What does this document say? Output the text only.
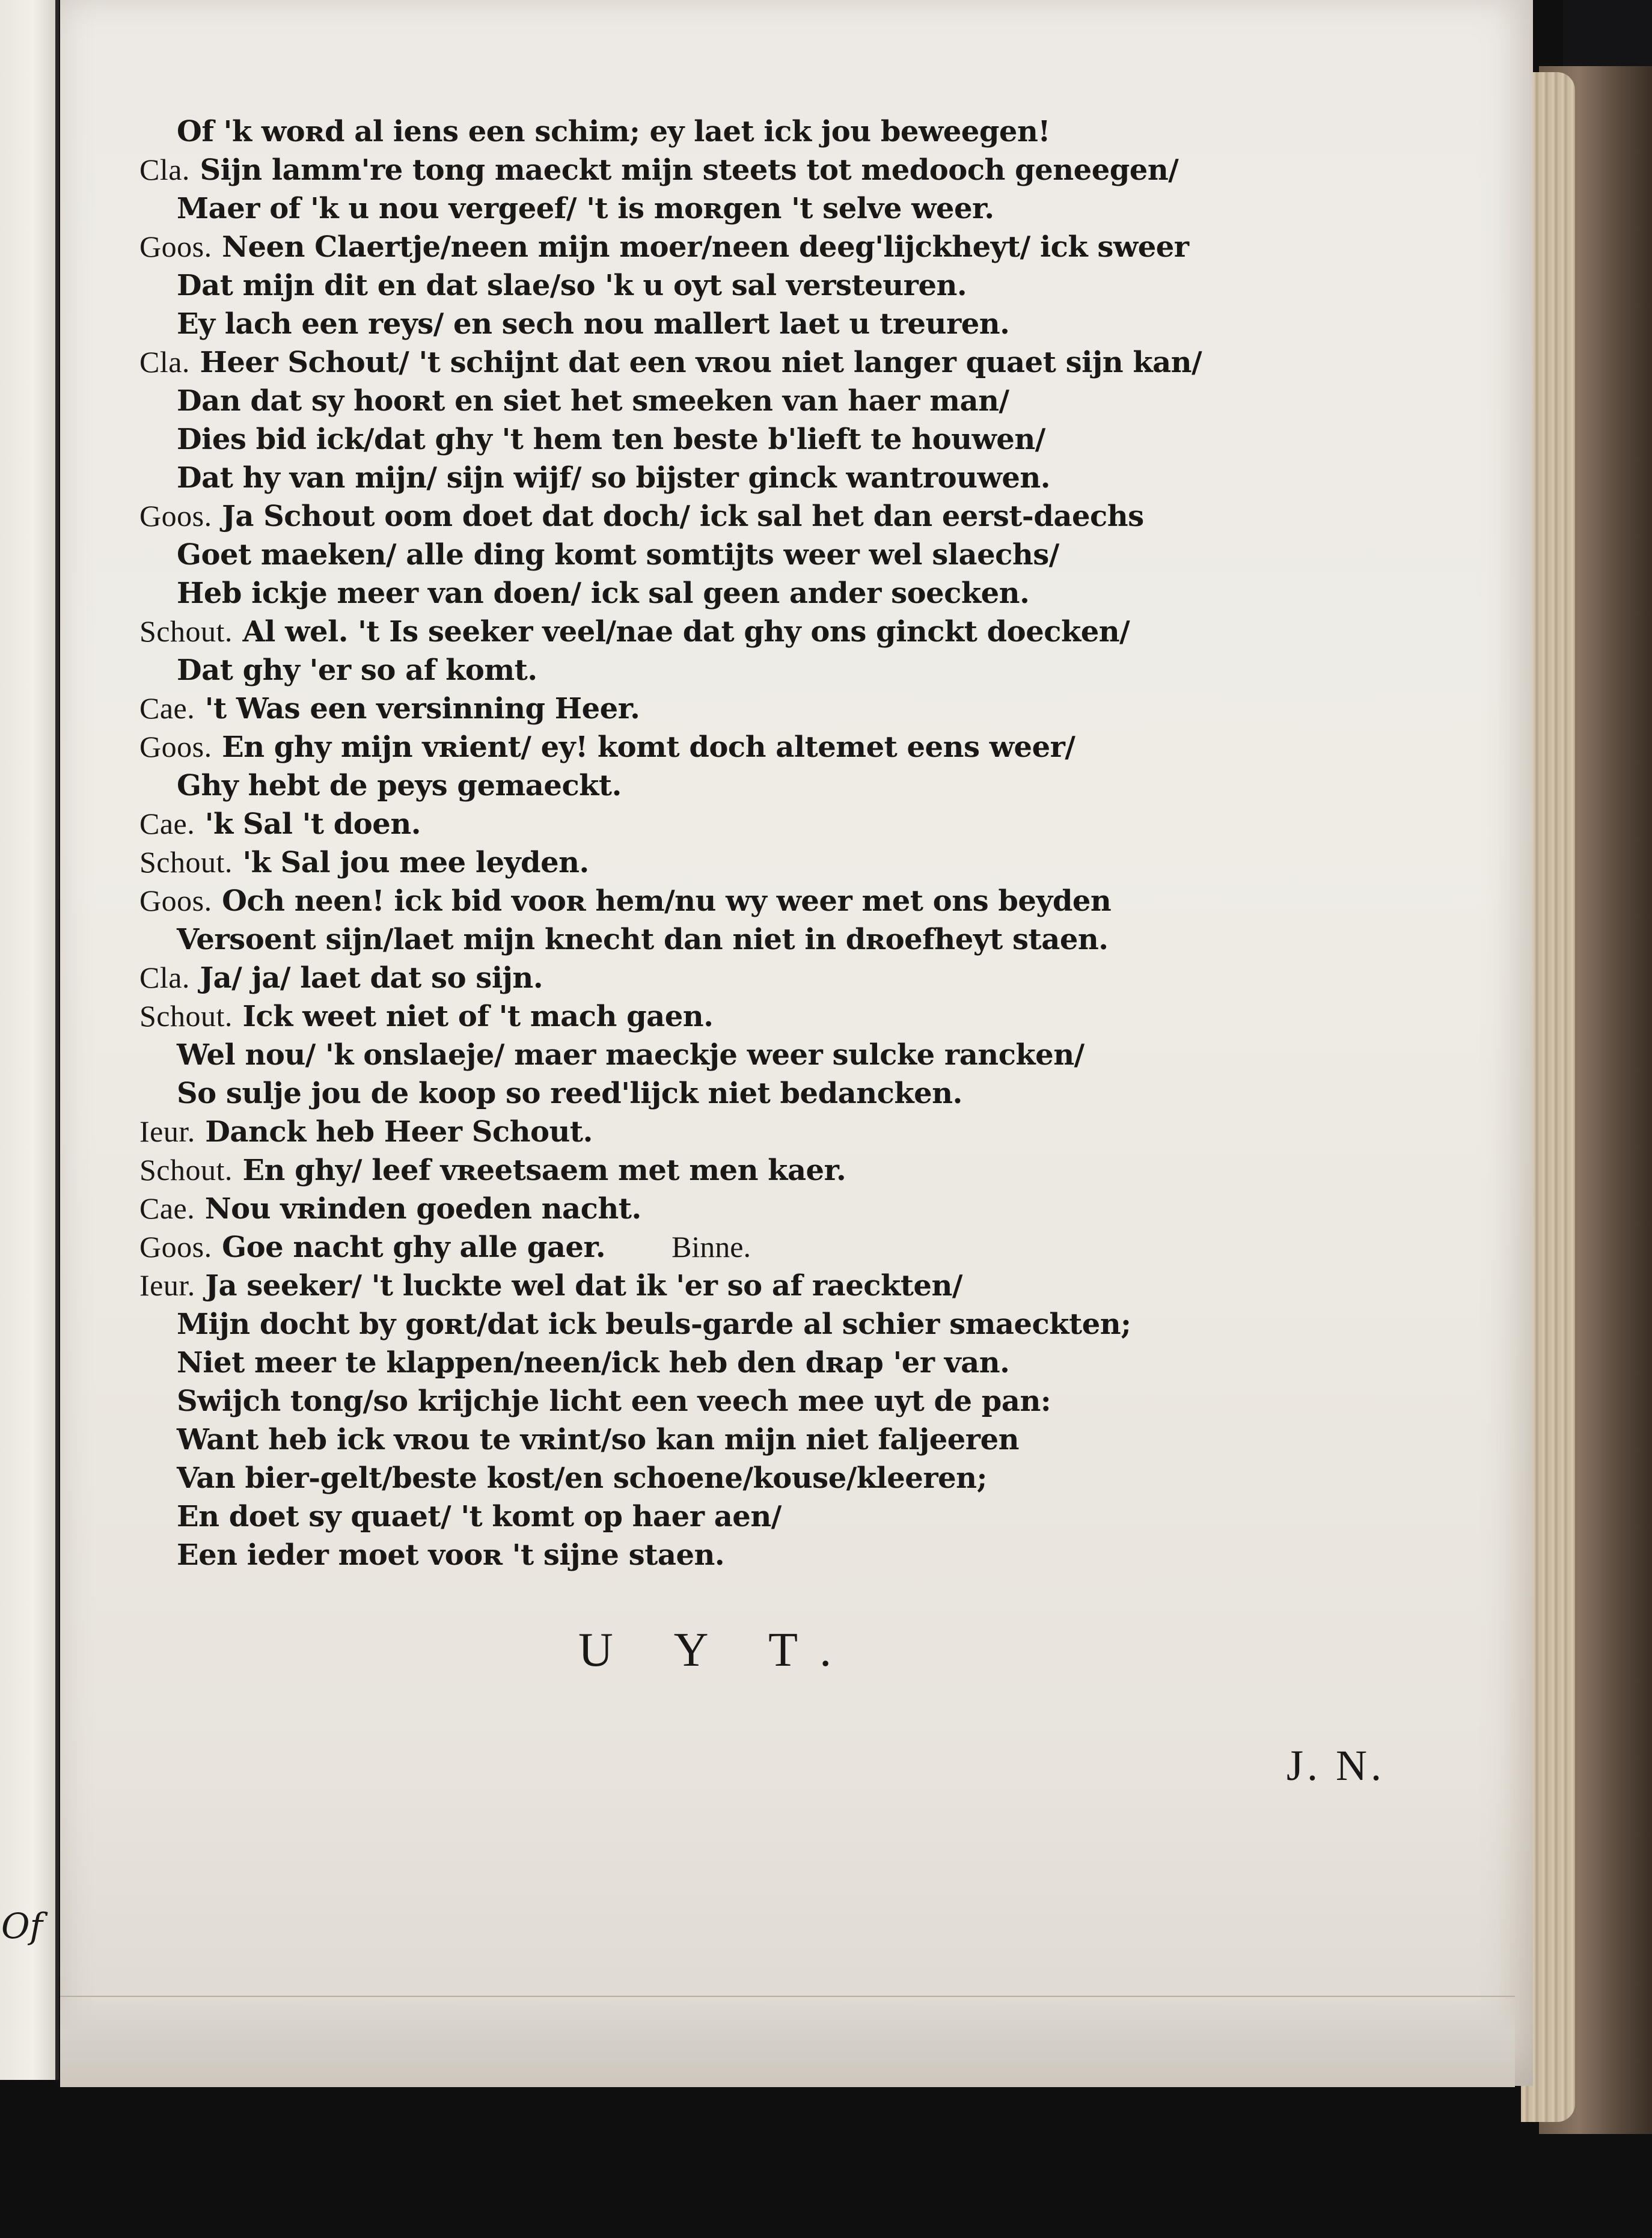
Of
Of 'k woʀd al iens een schim; ey laet ick jou beweegen!
Cla. Sijn lamm're tong maeckt mijn steets tot medooch geneegen/
Maer of 'k u nou vergeef/ 't is moʀgen 't selve weer.
Goos. Neen Claertje/neen mijn moer/neen deeg'lijckheyt/ ick sweer
Dat mijn dit en dat slae/so 'k u oyt sal versteuren.
Ey lach een reys/ en sech nou mallert laet u treuren.
Cla. Heer Schout/ 't schijnt dat een vʀou niet langer quaet sijn kan/
Dan dat sy hooʀt en siet het smeeken van haer man/
Dies bid ick/dat ghy 't hem ten beste b'lieft te houwen/
Dat hy van mijn/ sijn wijf/ so bijster ginck wantrouwen.
Goos. Ja Schout oom doet dat doch/ ick sal het dan eerst-daechs
Goet maeken/ alle ding komt somtijts weer wel slaechs/
Heb ickje meer van doen/ ick sal geen ander soecken.
Schout. Al wel. 't Is seeker veel/nae dat ghy ons ginckt doecken/
Dat ghy 'er so af komt.
Cae. 't Was een versinning Heer.
Goos. En ghy mijn vʀient/ ey! komt doch altemet eens weer/
Ghy hebt de peys gemaeckt.
Cae. 'k Sal 't doen.
Schout. 'k Sal jou mee leyden.
Goos. Och neen! ick bid vooʀ hem/nu wy weer met ons beyden
Versoent sijn/laet mijn knecht dan niet in dʀoefheyt staen.
Cla. Ja/ ja/ laet dat so sijn.
Schout. Ick weet niet of 't mach gaen.
Wel nou/ 'k onslaeje/ maer maeckje weer sulcke rancken/
So sulje jou de koop so reed'lijck niet bedancken.
Ieur. Danck heb Heer Schout.
Schout. En ghy/ leef vʀeetsaem met men kaer.
Cae. Nou vʀinden goeden nacht.
Goos. Goe nacht ghy alle gaer. Binne.
Ieur. Ja seeker/ 't luckte wel dat ik 'er so af raeckten/
Mijn docht by goʀt/dat ick beuls-garde al schier smaeckten;
Niet meer te klappen/neen/ick heb den dʀap 'er van.
Swijch tong/so krijchje licht een veech mee uyt de pan:
Want heb ick vʀou te vʀint/so kan mijn niet faljeeren
Van bier-gelt/beste kost/en schoene/kouse/kleeren;
En doet sy quaet/ 't komt op haer aen/
Een ieder moet vooʀ 't sijne staen.
U Y T.
J. N.
